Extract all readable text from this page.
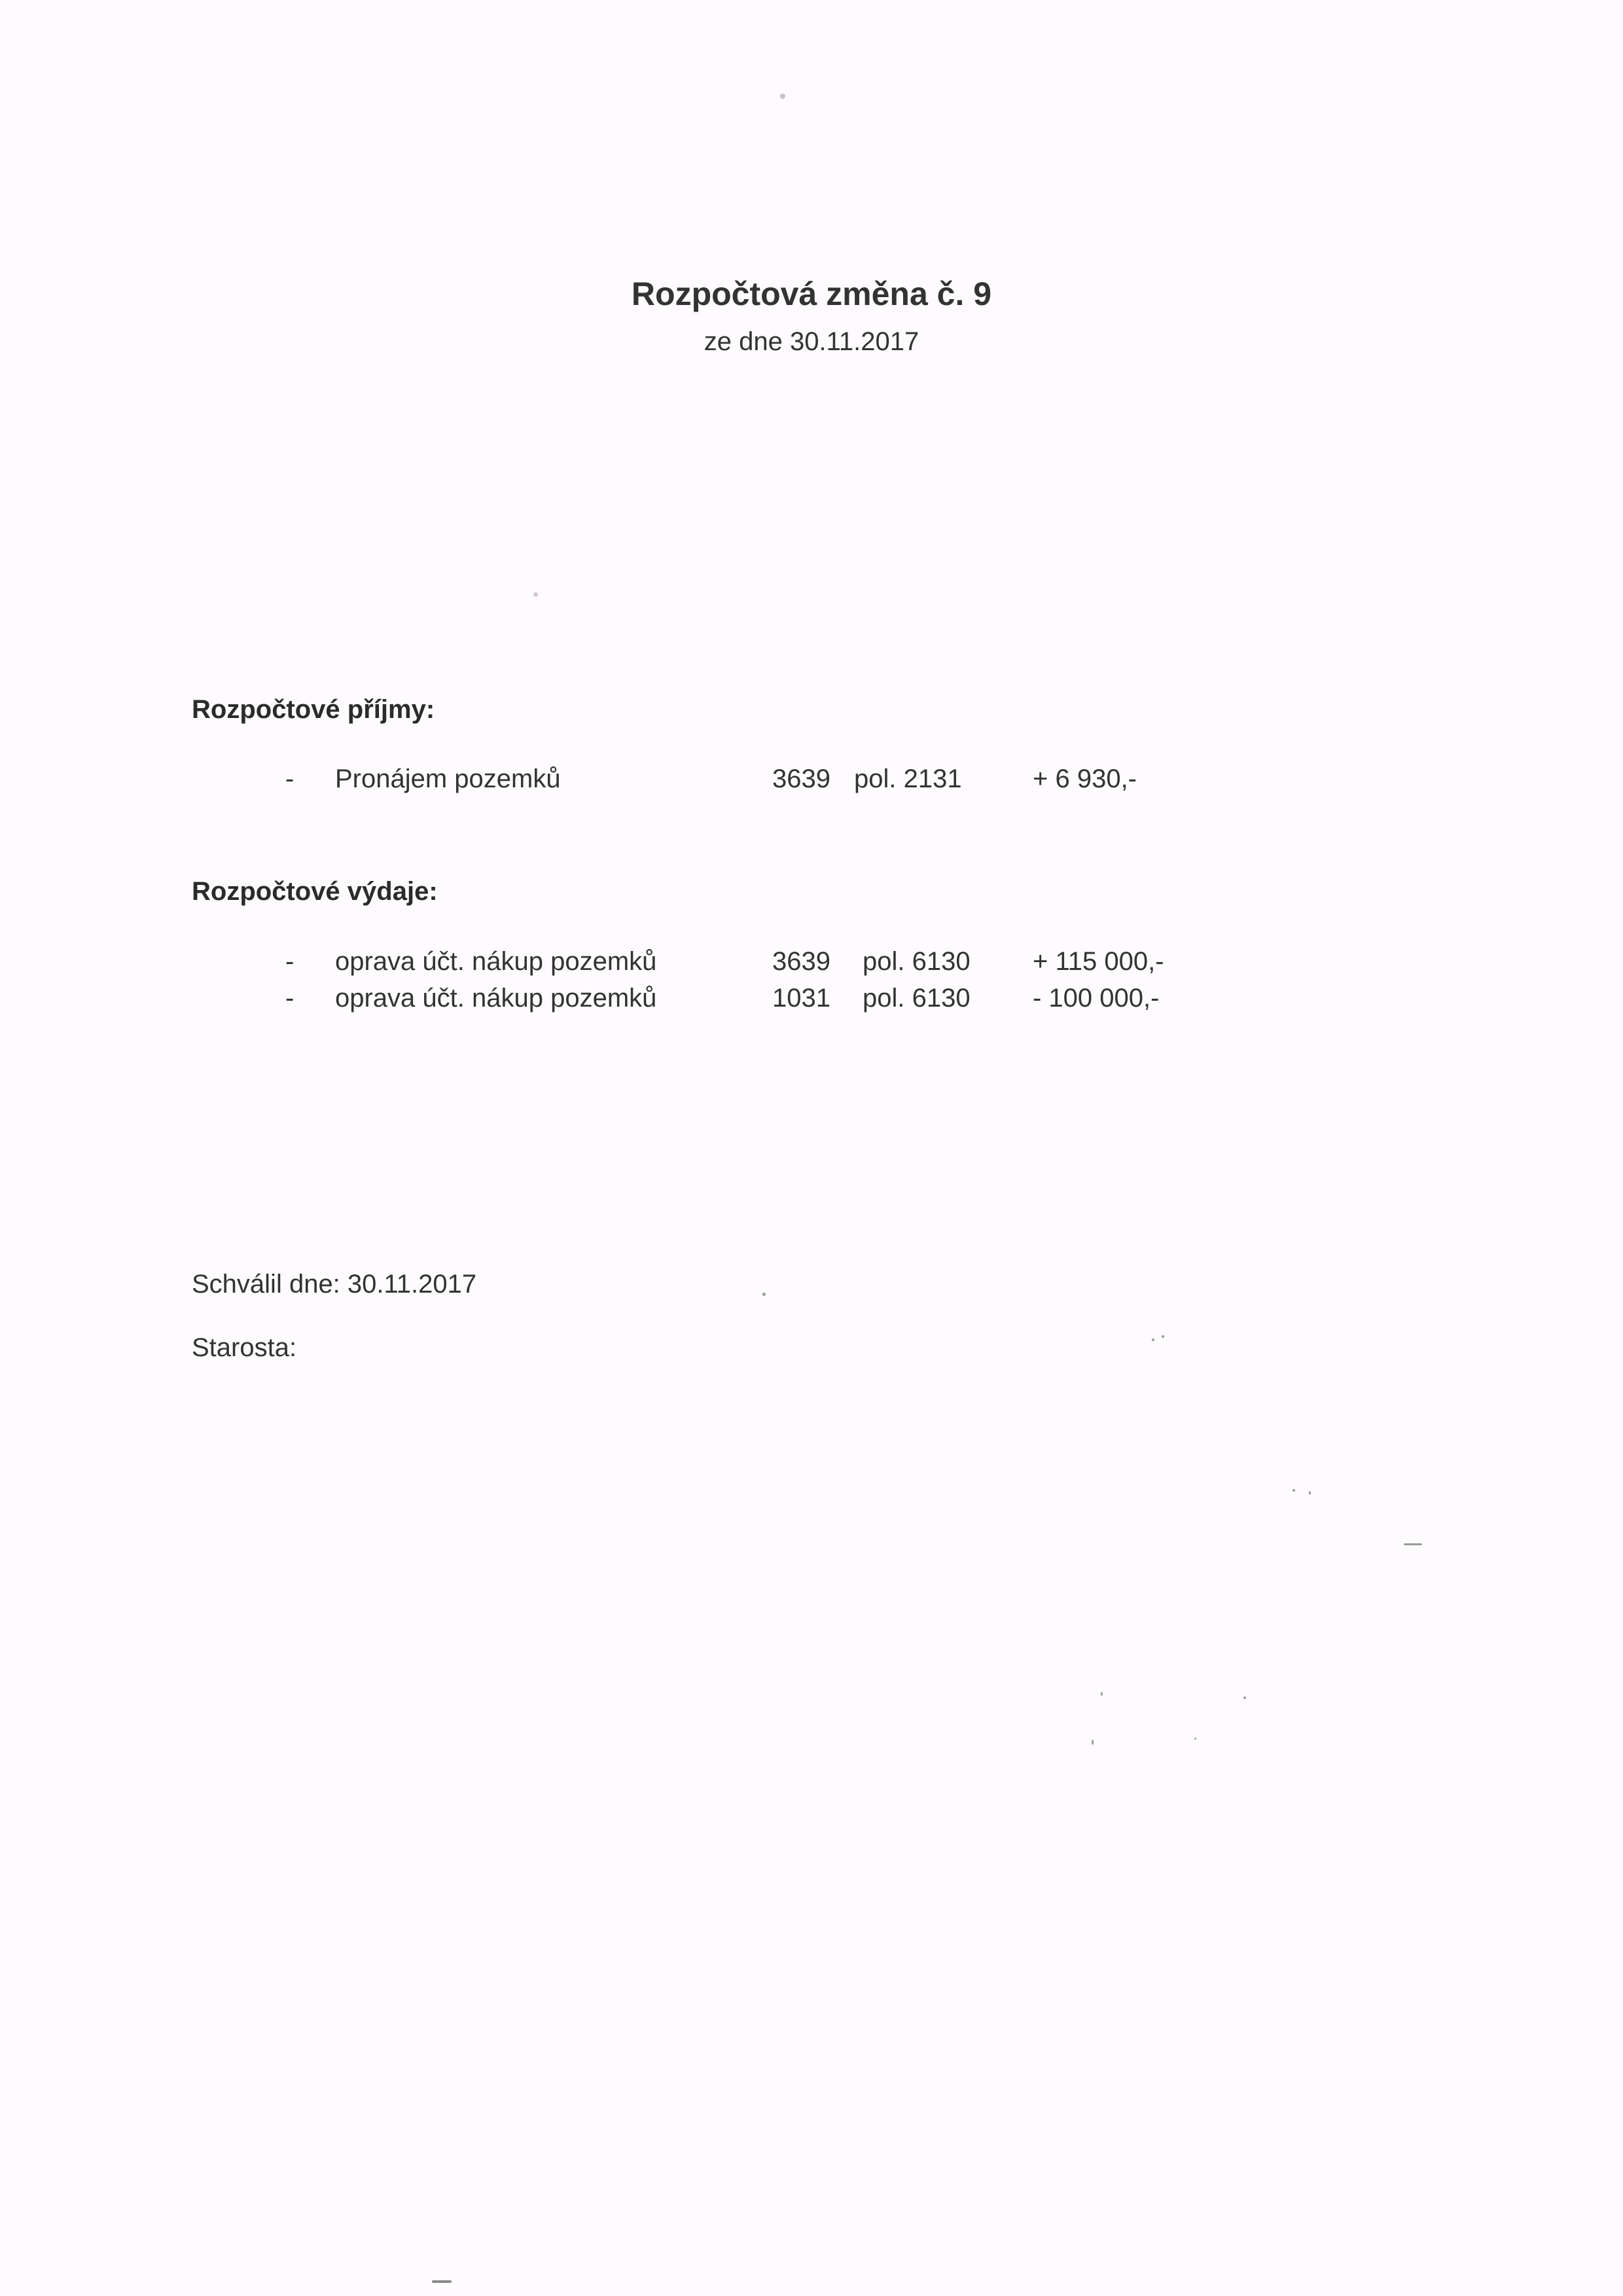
Rozpočtová změna č. 9
ze dne 30.11.2017
Rozpočtové příjmy:
- Pronájem pozemků	3639 pol. 2131	+ 6 930,-
Rozpočtové výdaje:
- oprava účt. nákup pozemků	3639 pol. 6130 + 115 000,-
- oprava účt. nákup pozemků	1031 pol. 6130 - 100 000,-
Schválil dne: 30.11.2017
Starosta:
